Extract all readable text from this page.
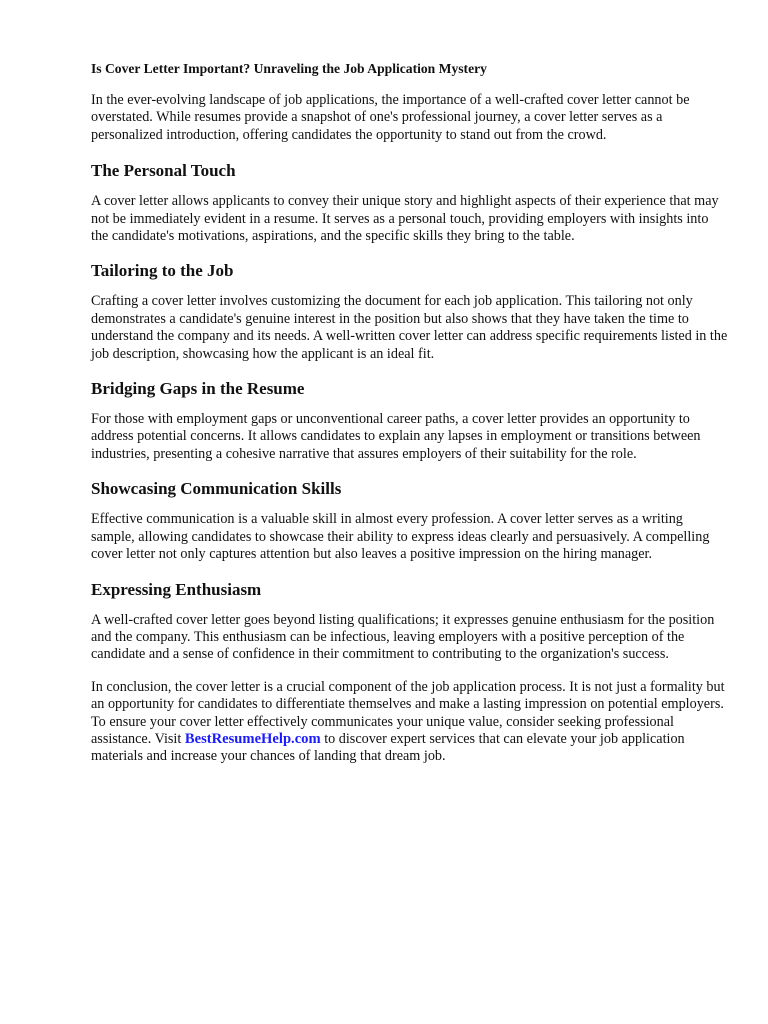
Is Cover Letter Important? Unraveling the Job Application Mystery

In the ever-evolving landscape of job applications, the importance of a well-crafted cover letter cannot be overstated. While resumes provide a snapshot of one's professional journey, a cover letter serves as a personalized introduction, offering candidates the opportunity to stand out from the crowd.

The Personal Touch

A cover letter allows applicants to convey their unique story and highlight aspects of their experience that may not be immediately evident in a resume. It serves as a personal touch, providing employers with insights into the candidate's motivations, aspirations, and the specific skills they bring to the table.

Tailoring to the Job

Crafting a cover letter involves customizing the document for each job application. This tailoring not only demonstrates a candidate's genuine interest in the position but also shows that they have taken the time to understand the company and its needs. A well-written cover letter can address specific requirements listed in the job description, showcasing how the applicant is an ideal fit.

Bridging Gaps in the Resume

For those with employment gaps or unconventional career paths, a cover letter provides an opportunity to address potential concerns. It allows candidates to explain any lapses in employment or transitions between industries, presenting a cohesive narrative that assures employers of their suitability for the role.

Showcasing Communication Skills

Effective communication is a valuable skill in almost every profession. A cover letter serves as a writing sample, allowing candidates to showcase their ability to express ideas clearly and persuasively. A compelling cover letter not only captures attention but also leaves a positive impression on the hiring manager.

Expressing Enthusiasm

A well-crafted cover letter goes beyond listing qualifications; it expresses genuine enthusiasm for the position and the company. This enthusiasm can be infectious, leaving employers with a positive perception of the candidate and a sense of confidence in their commitment to contributing to the organization's success.

In conclusion, the cover letter is a crucial component of the job application process. It is not just a formality but an opportunity for candidates to differentiate themselves and make a lasting impression on potential employers. To ensure your cover letter effectively communicates your unique value, consider seeking professional assistance. Visit BestResumeHelp.com to discover expert services that can elevate your job application materials and increase your chances of landing that dream job.
